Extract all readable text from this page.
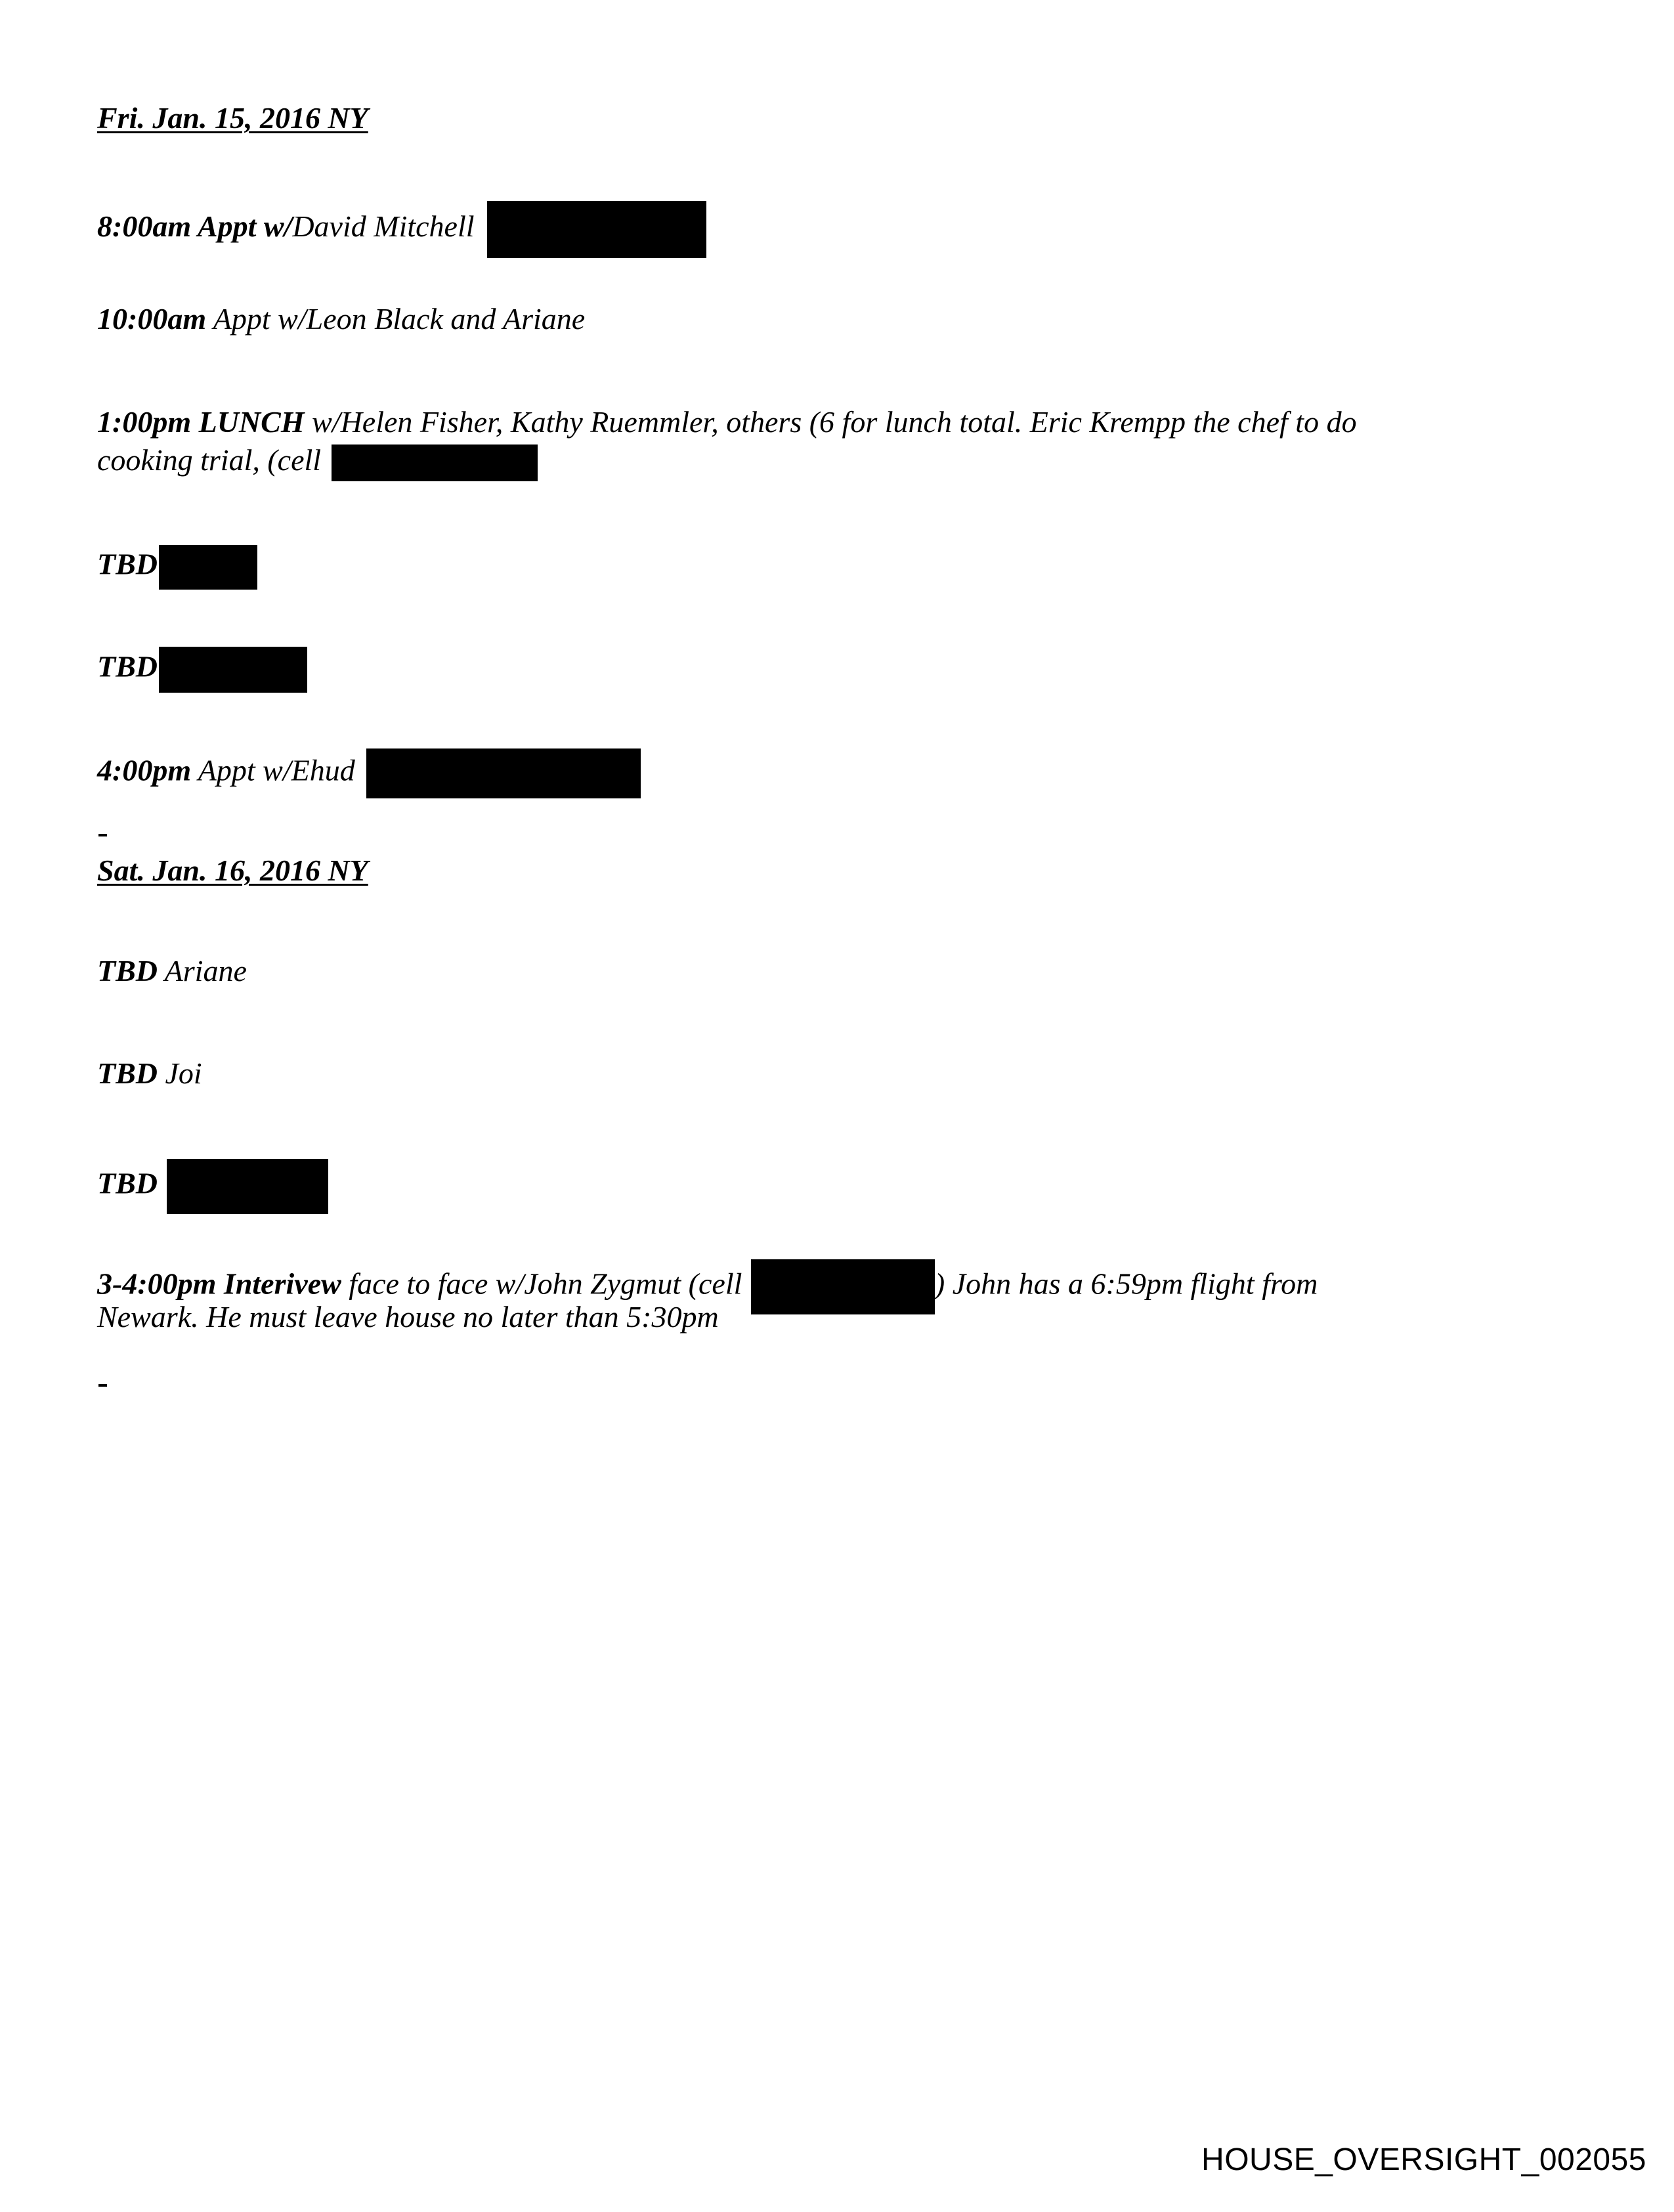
Fri. Jan. 15, 2016 NY
8:00am Appt w/David Mitchell
10:00am Appt w/Leon Black and Ariane
1:00pm LUNCH w/Helen Fisher, Kathy Ruemmler, others (6 for lunch total. Eric Krempp the chef to do
cooking trial, (cell
TBD
TBD
4:00pm Appt w/Ehud
Sat. Jan. 16, 2016 NY
TBD Ariane
TBD Joi
TBD
3-4:00pm Interivew face to face w/John Zygmut (cell	) John has a 6:59pm flight from
Newark. He must leave house no later than 5:30pm
HOUSE_OVERSIGHT_002055
